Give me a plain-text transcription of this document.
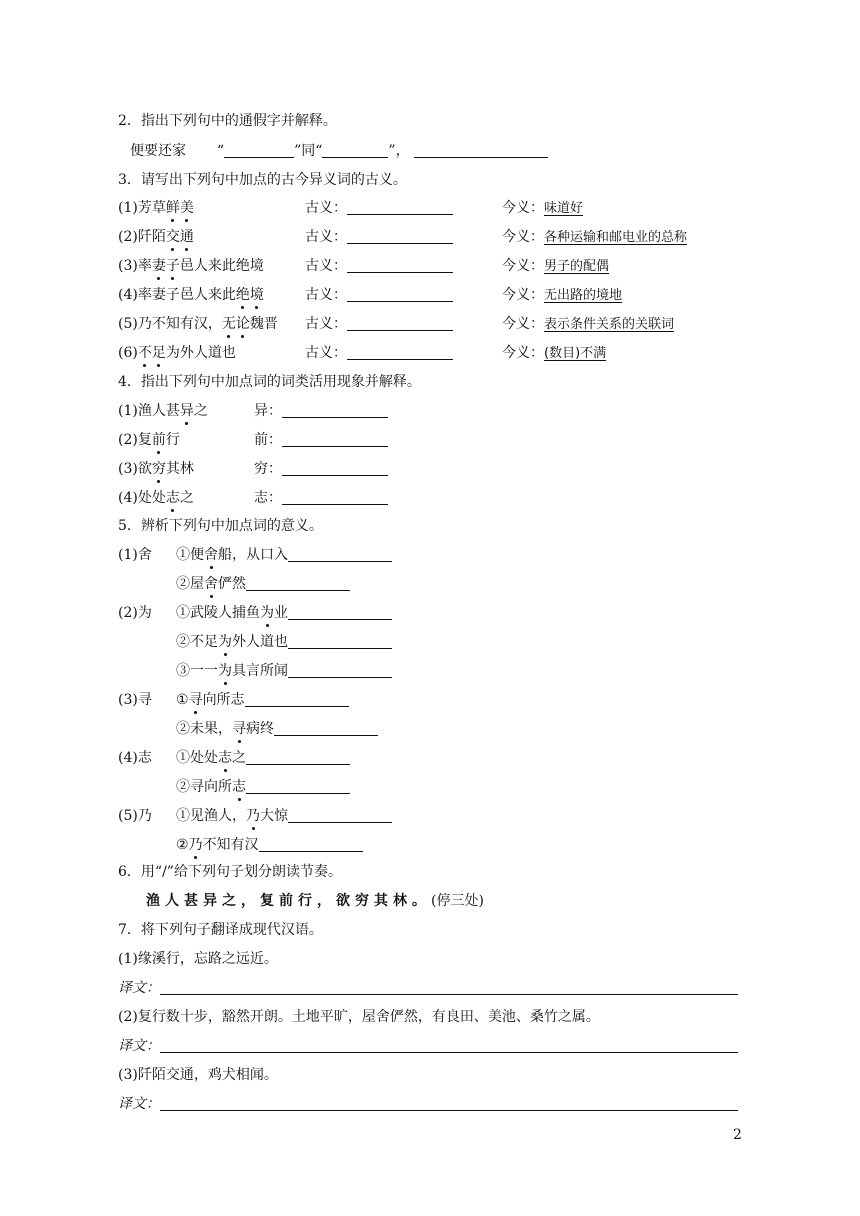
2．指出下列句中的通假字并解释。
便要还家 “	”同“	”，
3．请写出下列句中加点的古今异义词的古义。
(1)芳草鲜美	古义：	今义：味道好
(2)阡陌交通	古义：	今义：各种运输和邮电业的总称
(3)率妻子邑人来此绝境	古义：	今义：男子的配偶
(4)率妻子邑人来此绝境	古义：	今义：无出路的境地
(5)乃不知有汉，无论魏晋 古义：	今义：表示条件关系的关联词
(6)不足为外人道也	古义：	今义：(数目)不满
4．指出下列句中加点词的词类活用现象并解释。
(1)渔人甚异之	异：
(2)复前行	前：
(3)欲穷其林	穷：
(4)处处志之	志：
5．辨析下列句中加点词的意义。
(1)舍 ①便舍船，从口入
②屋舍俨然
(2)为 ①武陵人捕鱼为业
②不足为外人道也
③一一为具言所闻
(3)寻 ①寻向所志
②未果，寻病终
(4)志 ①处处志之
②寻向所志
(5)乃 ①见渔人，乃大惊
②乃不知有汉
6．用“/”给下列句子划分朗读节奏。
渔人甚异之，复前行，欲穷其林。(停三处)
7．将下列句子翻译成现代汉语。
(1)缘溪行，忘路之远近。
译文：
(2)复行数十步，豁然开朗。土地平旷，屋舍俨然，有良田、美池、桑竹之属。
译文：
(3)阡陌交通，鸡犬相闻。
译文：
2
